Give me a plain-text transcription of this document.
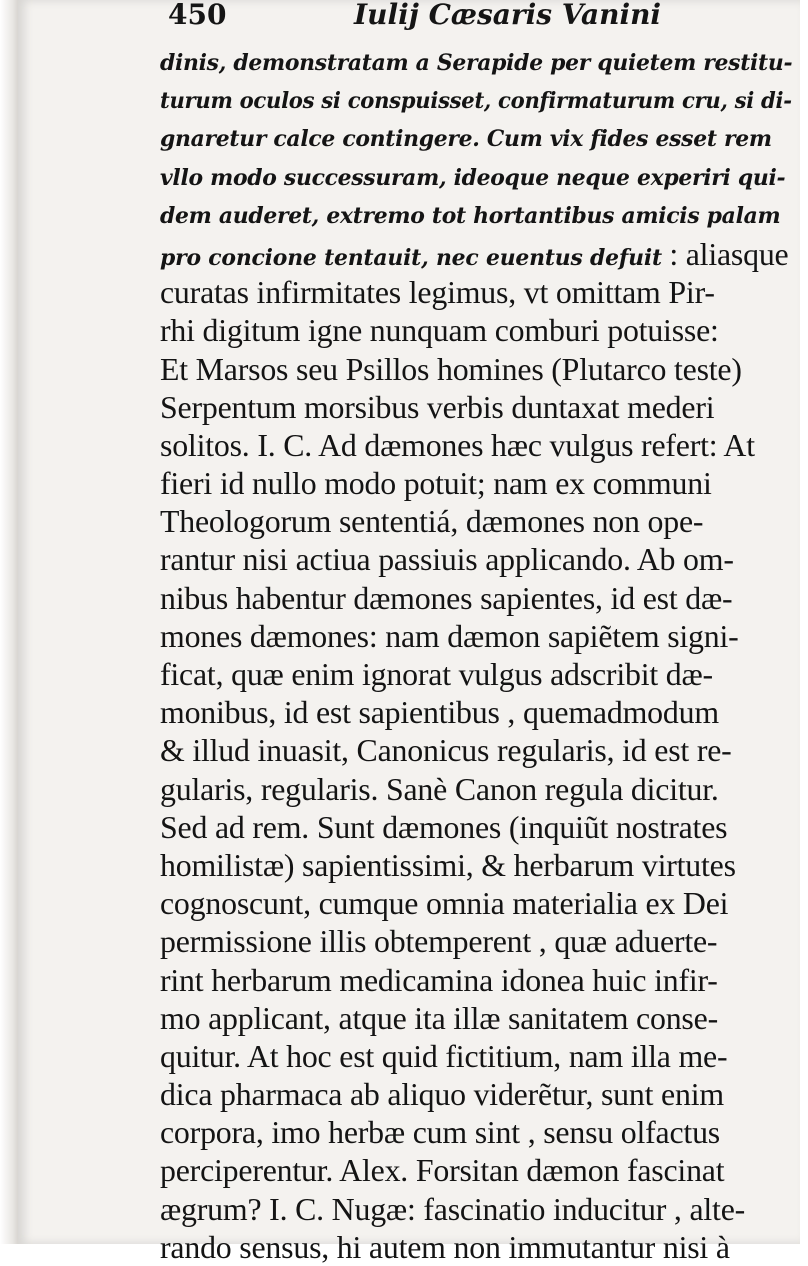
450	Iulij Cæsaris Vanini
dinis, demonstratam a Serapide per quietem restitu-
turum oculos si conspuisset, confirmaturum cru, si di-
gnaretur calce contingere. Cum vix fides esset rem
vllo modo successuram, ideoque neque experiri qui-
dem auderet, extremo tot hortantibus amicis palam
pro concione tentauit, nec euentus defuit : aliasque
curatas infirmitates legimus, vt omittam Pir-
rhi digitum igne nunquam comburi potuisse:
Et Marsos seu Psillos homines (Plutarco teste)
Serpentum morsibus verbis duntaxat mederi
solitos. I. C. Ad dæmones hæc vulgus refert: At
fieri id nullo modo potuit; nam ex communi
Theologorum sententiá, dæmones non ope-
rantur nisi actiua passiuis applicando. Ab om-
nibus habentur dæmones sapientes, id est dæ-
mones dæmones: nam dæmon sapiẽtem signi-
ficat, quæ enim ignorat vulgus adscribit dæ-
monibus, id est sapientibus , quemadmodum
& illud inuasit, Canonicus regularis, id est re-
gularis, regularis. Sanè Canon regula dicitur.
Sed ad rem. Sunt dæmones (inquiũt nostrates
homilistæ) sapientissimi, & herbarum virtutes
cognoscunt, cumque omnia materialia ex Dei
permissione illis obtemperent , quæ aduerte-
rint herbarum medicamina idonea huic infir-
mo applicant, atque ita illæ sanitatem conse-
quitur. At hoc est quid fictitium, nam illa me-
dica pharmaca ab aliquo viderẽtur, sunt enim
corpora, imo herbæ cum sint , sensu olfactus
perciperentur. Alex. Forsitan dæmon fascinat
ægrum? I. C. Nugæ: fascinatio inducitur , alte-
rando sensus, hi autem non immutantur nisi à
